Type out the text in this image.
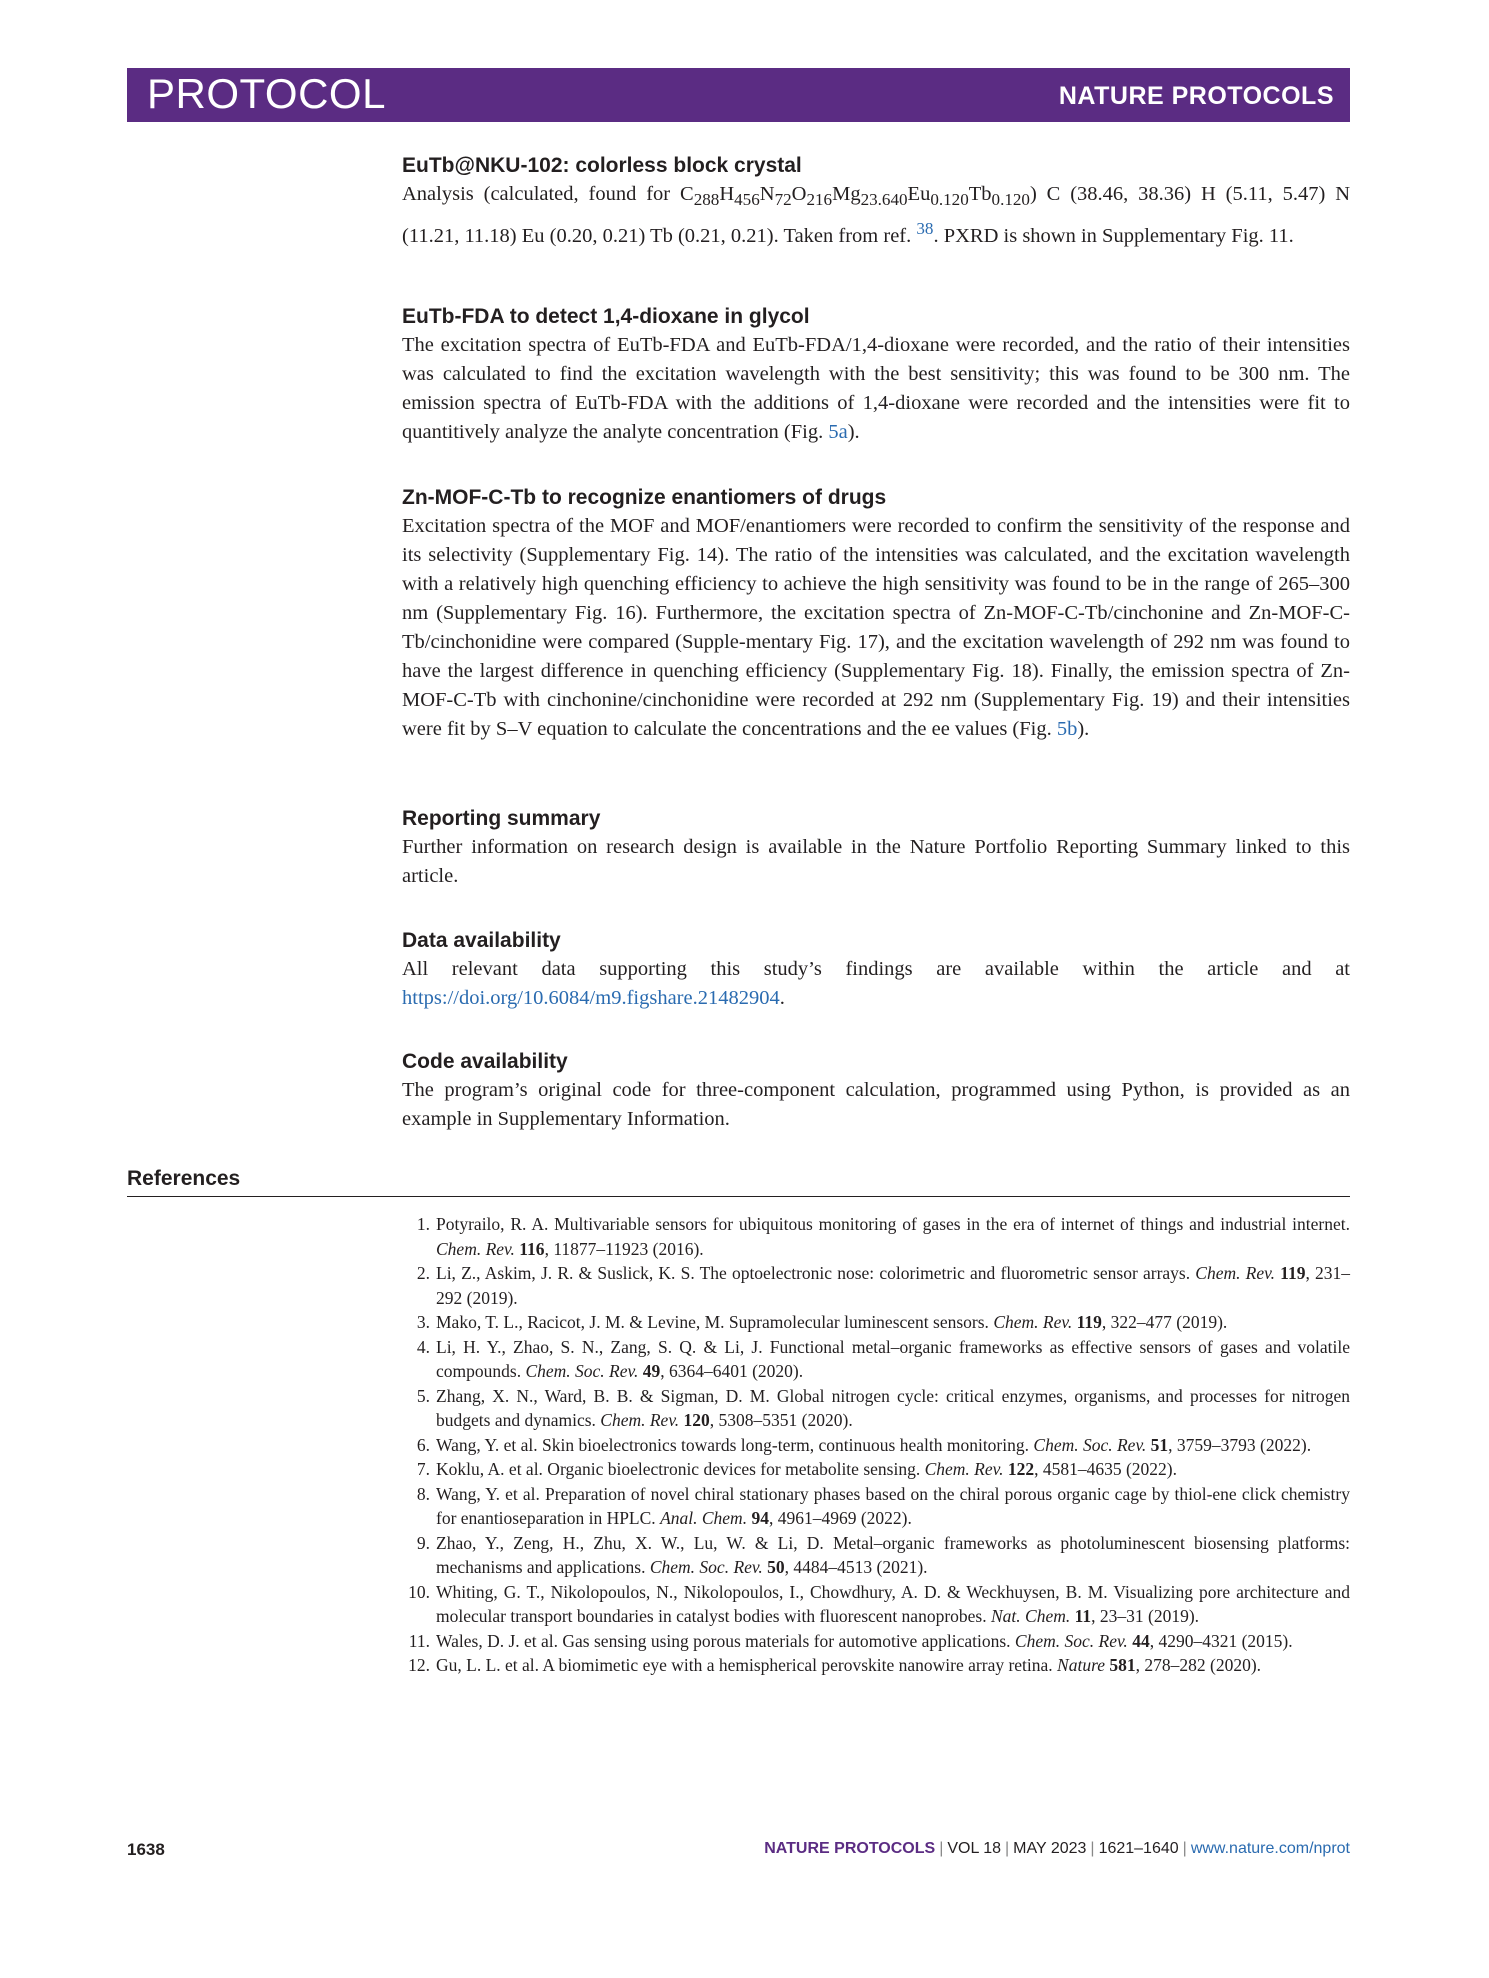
PROTOCOL	NATURE PROTOCOLS
EuTb@NKU-102: colorless block crystal

Analysis (calculated, found for $C_{288}H_{456}N_{72}O_{216}Mg_{23.640}Eu_{0.120}Tb_{0.120}$) C (38.46, 38.36) H (5.11, 5.47) N (11.21, 11.18) Eu (0.20, 0.21) Tb (0.21, 0.21). Taken from ref. $^{38}$. PXRD is shown in Supplementary Fig. 11.

EuTb-FDA to detect 1,4-dioxane in glycol

The excitation spectra of EuTb-FDA and EuTb-FDA/1,4-dioxane were recorded, and the ratio of their intensities was calculated to find the excitation wavelength with the best sensitivity; this was found to be 300 nm. The emission spectra of EuTb-FDA with the additions of 1,4-dioxane were recorded and the intensities were fit to quantitively analyze the analyte concentration (Fig. 5a).

Zn-MOF-C-Tb to recognize enantiomers of drugs

Excitation spectra of the MOF and MOF/enantiomers were recorded to confirm the sensitivity of the response and its selectivity (Supplementary Fig. 14). The ratio of the intensities was calculated, and the excitation wavelength with a relatively high quenching efficiency to achieve the high sensitivity was found to be in the range of 265–300 nm (Supplementary Fig. 16). Furthermore, the excitation spectra of Zn-MOF-C-Tb/cinchonine and Zn-MOF-C-Tb/cinchonidine were compared (Supple-mentary Fig. 17), and the excitation wavelength of 292 nm was found to have the largest difference in quenching efficiency (Supplementary Fig. 18). Finally, the emission spectra of Zn-MOF-C-Tb with cinchonine/cinchonidine were recorded at 292 nm (Supplementary Fig. 19) and their intensities were fit by S–V equation to calculate the concentrations and the ee values (Fig. 5b).

Reporting summary

Further information on research design is available in the Nature Portfolio Reporting Summary linked to this article.

Data availability

All relevant data supporting this study’s findings are available within the article and at https://doi.org/10.6084/m9.figshare.21482904.

Code availability

The program’s original code for three-component calculation, programmed using Python, is provided as an example in Supplementary Information.

References
1. Potyrailo, R. A. Multivariable sensors for ubiquitous monitoring of gases in the era of internet of things and industrial internet. Chem. Rev. 116, 11877–11923 (2016).
2. Li, Z., Askim, J. R. & Suslick, K. S. The optoelectronic nose: colorimetric and fluorometric sensor arrays. Chem. Rev. 119, 231–292 (2019).
3. Mako, T. L., Racicot, J. M. & Levine, M. Supramolecular luminescent sensors. Chem. Rev. 119, 322–477 (2019).
4. Li, H. Y., Zhao, S. N., Zang, S. Q. & Li, J. Functional metal–organic frameworks as effective sensors of gases and volatile compounds. Chem. Soc. Rev. 49, 6364–6401 (2020).
5. Zhang, X. N., Ward, B. B. & Sigman, D. M. Global nitrogen cycle: critical enzymes, organisms, and processes for nitrogen budgets and dynamics. Chem. Rev. 120, 5308–5351 (2020).
6. Wang, Y. et al. Skin bioelectronics towards long-term, continuous health monitoring. Chem. Soc. Rev. 51, 3759–3793 (2022).
7. Koklu, A. et al. Organic bioelectronic devices for metabolite sensing. Chem. Rev. 122, 4581–4635 (2022).
8. Wang, Y. et al. Preparation of novel chiral stationary phases based on the chiral porous organic cage by thiol-ene click chemistry for enantioseparation in HPLC. Anal. Chem. 94, 4961–4969 (2022).
9. Zhao, Y., Zeng, H., Zhu, X. W., Lu, W. & Li, D. Metal–organic frameworks as photoluminescent biosensing platforms: mechanisms and applications. Chem. Soc. Rev. 50, 4484–4513 (2021).
10. Whiting, G. T., Nikolopoulos, N., Nikolopoulos, I., Chowdhury, A. D. & Weckhuysen, B. M. Visualizing pore architecture and molecular transport boundaries in catalyst bodies with fluorescent nanoprobes. Nat. Chem. 11, 23–31 (2019).
11. Wales, D. J. et al. Gas sensing using porous materials for automotive applications. Chem. Soc. Rev. 44, 4290–4321 (2015).
12. Gu, L. L. et al. A biomimetic eye with a hemispherical perovskite nanowire array retina. Nature 581, 278–282 (2020).
1638	NATURE PROTOCOLS | VOL 18 | MAY 2023 | 1621–1640 | www.nature.com/nprot
